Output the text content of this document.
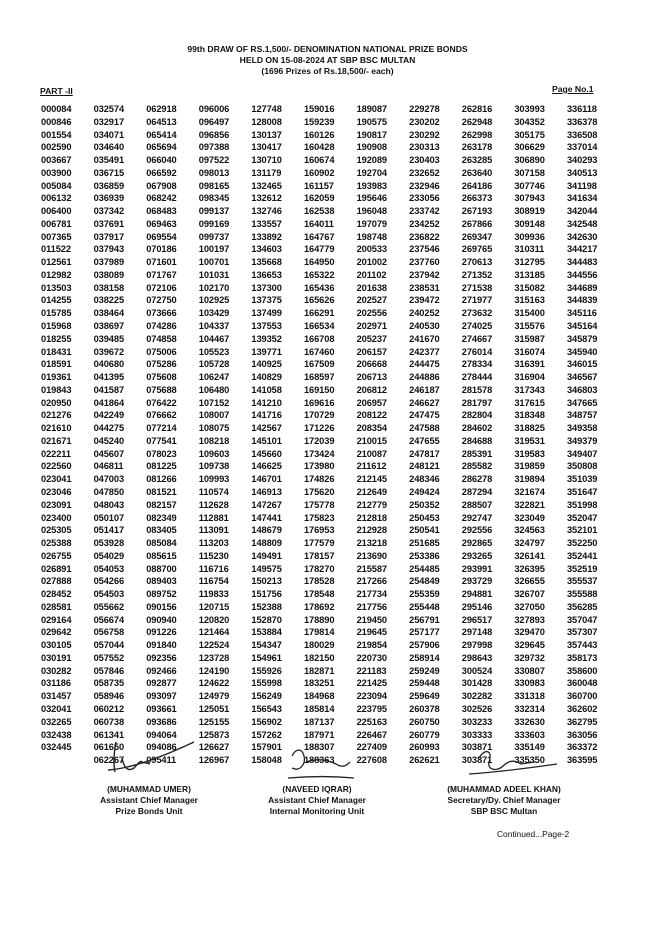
99th DRAW OF RS.1,500/- DENOMINATION NATIONAL PRIZE BONDS
HELD ON 15-08-2024 AT SBP BSC MULTAN
(1696 Prizes of Rs.18,500/- each)
PART -II	Page No.1
000084
000846
001554
002590
003667
003900
005084
006132
006400
006781
007365
011522
012561
012982
013503
014255
015785
015968
018255
018431
018591
019361
019843
020950
021276
021610
021671
022211
022560
023041
023046
023091
023400
025305
025388
026755
026891
027888
028452
028581
029164
029642
030105
030191
030282
031186
031457
032041
032265
032438
032445
032574
032917
034071
034640
035491
036715
036859
036939
037342
037691
037917
037943
037989
038089
038158
038225
038464
038697
039485
039672
040680
041395
041587
041864
042249
044275
045240
045607
046811
047003
047850
048043
050107
051417
053928
054029
054053
054266
054503
055662
056674
056758
057044
057552
057846
058735
058946
060212
060738
061341
061650
062267
062918
064513
065414
065694
066040
066592
067908
068242
068483
069463
069554
070186
071601
071767
072106
072750
073666
074286
074858
075006
075286
075608
075688
076422
076662
077214
077541
078023
081225
081266
081521
082157
082349
083405
085084
085615
088700
089403
089752
090156
090940
091226
091840
092356
092466
092877
093097
093661
093686
094064
094086
095411
096006
096497
096856
097388
097522
098013
098165
098345
099137
099169
099737
100197
100701
101031
102170
102925
103429
104337
104467
105523
105728
106247
106480
107152
108007
108075
108218
109603
109738
109993
110574
112628
112881
113091
113203
115230
116716
116754
119833
120715
120820
121464
122524
123728
124190
124622
124979
125051
125155
125873
126627
126967
127748
128008
130137
130417
130710
131179
132465
132612
132746
133557
133892
134603
135668
136653
137300
137375
137499
137553
139352
139771
140925
140829
141058
141210
141716
142567
145101
145660
146625
146701
146913
147267
147441
148679
148809
149491
149575
150213
151756
152388
152870
153884
154347
154961
155926
155998
156249
156543
156902
157262
157901
158048
159016
159239
160126
160428
160674
160902
161157
162059
162538
164011
164767
164779
164950
165322
165436
165626
166291
166534
166708
167460
167509
168597
169150
169616
170729
171226
172039
173424
173980
174826
175620
175778
175823
176953
177579
178157
178270
178528
178548
178692
178890
179814
180029
182150
182871
183251
184968
185814
187137
187971
188307
188363
189087
190575
190817
190908
192089
192704
193983
195646
196048
197079
198748
200533
201002
201102
201638
202527
202556
202971
205237
206157
206668
206713
206812
206957
208122
208354
210015
210087
211612
212145
212649
212779
212818
212928
213218
213690
215587
217266
217734
217756
219450
219645
219854
220730
221183
221425
223094
223795
225163
226467
227409
227608
229278
230202
230292
230313
230403
232652
232946
233056
233742
234252
236822
237546
237760
237942
238531
239472
240252
240530
241670
242377
244475
244886
246187
246627
247475
247588
247655
247817
248121
248346
249424
250352
250453
250541
251685
253386
254485
254849
255359
255448
256791
257177
257906
258914
259249
259448
259649
260378
260750
260779
260993
262621
262816
262948
262998
263178
263285
263640
264186
266373
267193
267866
269347
269765
270613
271352
271538
271977
273632
274025
274667
276014
278334
278444
281578
281797
282804
284602
284688
285391
285582
286278
287294
288507
292747
292556
292865
293265
293991
293729
294881
295146
296517
297148
297998
298643
300524
301428
302282
302526
303233
303333
303871
303871
303993
304352
305175
306629
306890
307158
307746
307943
308919
309148
309936
310311
312795
313185
315082
315163
315400
315576
315987
316074
316391
316904
317343
317615
318348
318825
319531
319583
319859
319894
321674
322821
323049
324563
324797
326141
326395
326655
326707
327050
327893
329470
329645
329732
330807
330983
331318
332314
332630
333603
335149
335350
336118
336378
336508
337014
340293
340513
341198
341634
342044
342548
342630
344217
344483
344556
344689
344839
345116
345164
345879
345940
346015
346567
346803
347665
348757
349358
349379
349407
350808
351039
351647
351998
352047
352101
352250
352441
352519
355537
355588
356285
357047
357307
357443
358173
358600
360048
360700
362602
362795
363056
363372
363595
(MUHAMMAD UMER)
Assistant Chief Manager
Prize Bonds Unit
(NAVEED IQRAR)
Assistant Chief Manager
Internal Monitoring Unit
(MUHAMMAD ADEEL KHAN)
Secretary/Dy. Chief Manager
SBP BSC Multan
Continued...Page-2
